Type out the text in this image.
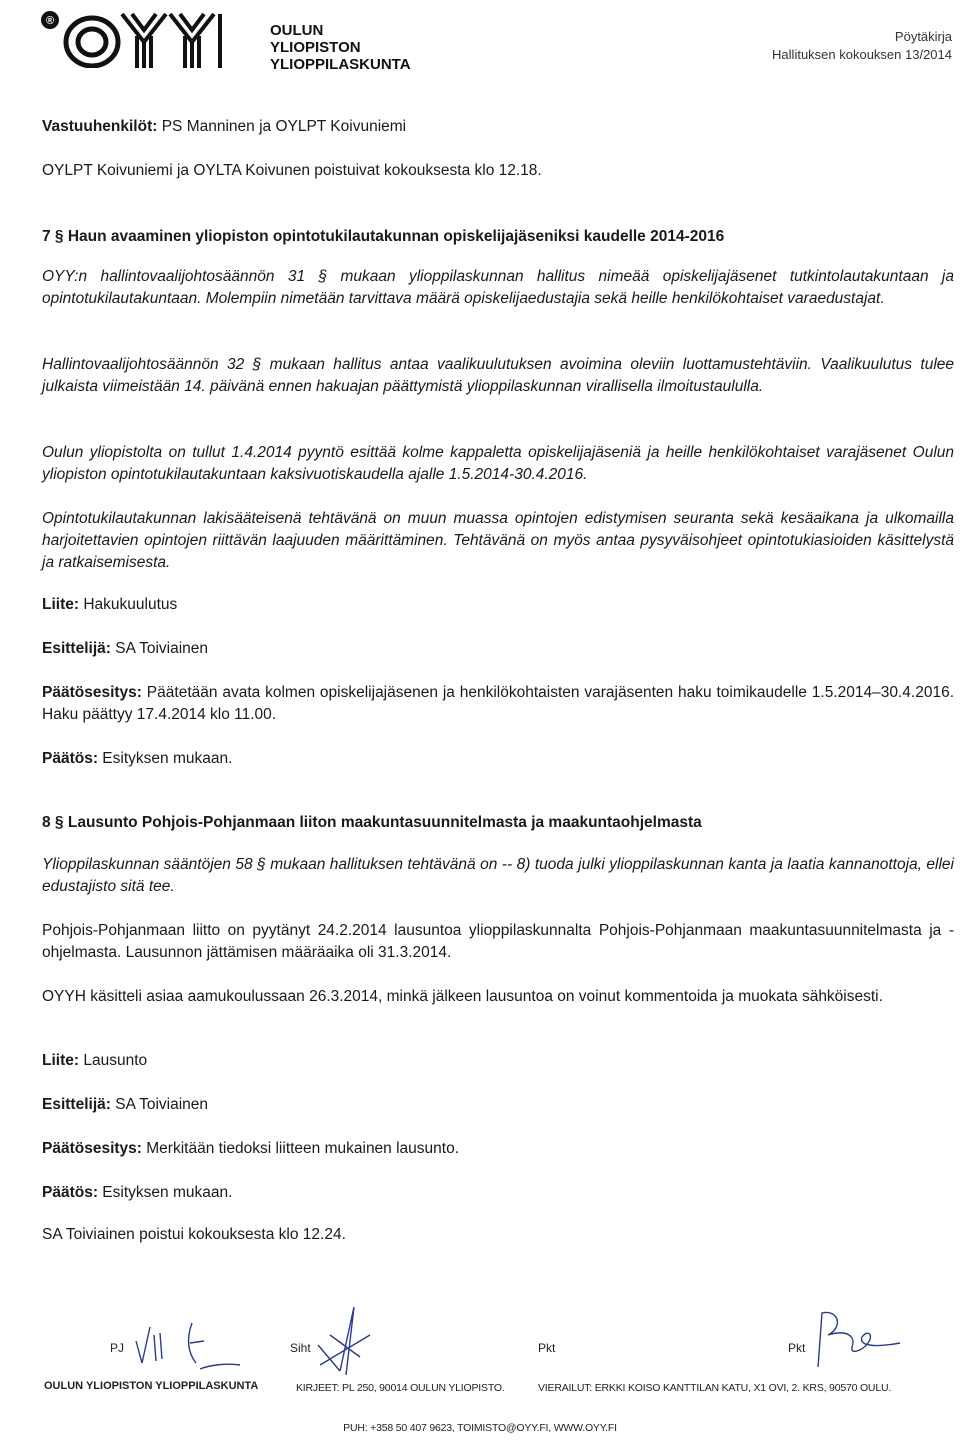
®
OULUN
YLIOPISTON
YLIOPPILASKUNTA
Pöytäkirja
Hallituksen kokouksen 13/2014

Vastuuhenkilöt: PS Manninen ja OYLPT Koivuniemi

OYLPT Koivuniemi ja OYLTA Koivunen poistuivat kokouksesta klo 12.18.

7 § Haun avaaminen yliopiston opintotukilautakunnan opiskelijajäseniksi kaudelle 2014-2016

OYY:n hallintovaalijohtosäännön 31 § mukaan ylioppilaskunnan hallitus nimeää opiskelijajäsenet tutkintolautakuntaan ja opintotukilautakuntaan. Molempiin nimetään tarvittava määrä opiskelijaedustajia sekä heille henkilökohtaiset varaedustajat.

Hallintovaalijohtosäännön 32 § mukaan hallitus antaa vaalikuulutuksen avoimina oleviin luottamustehtäviin. Vaalikuulutus tulee julkaista viimeistään 14. päivänä ennen hakuajan päättymistä ylioppilaskunnan virallisella ilmoitustaululla.

Oulun yliopistolta on tullut 1.4.2014 pyyntö esittää kolme kappaletta opiskelijajäseniä ja heille henkilökohtaiset varajäsenet Oulun yliopiston opintotukilautakuntaan kaksivuotiskaudella ajalle 1.5.2014-30.4.2016.

Opintotukilautakunnan lakisääteisenä tehtävänä on muun muassa opintojen edistymisen seuranta sekä kesäaikana ja ulkomailla harjoitettavien opintojen riittävän laajuuden määrittäminen. Tehtävänä on myös antaa pysyväisohjeet opintotukiasioiden käsittelystä ja ratkaisemisesta.

Liite: Hakukuulutus

Esittelijä: SA Toiviainen

Päätösesitys: Päätetään avata kolmen opiskelijajäsenen ja henkilökohtaisten varajäsenten haku toimikaudelle 1.5.2014–30.4.2016. Haku päättyy 17.4.2014 klo 11.00.

Päätös: Esityksen mukaan.

8 § Lausunto Pohjois-Pohjanmaan liiton maakuntasuunnitelmasta ja maakuntaohjelmasta

Ylioppilaskunnan sääntöjen 58 § mukaan hallituksen tehtävänä on -- 8) tuoda julki ylioppilaskunnan kanta ja laatia kannanottoja, ellei edustajisto sitä tee.

Pohjois-Pohjanmaan liitto on pyytänyt 24.2.2014 lausuntoa ylioppilaskunnalta Pohjois-Pohjanmaan maakuntasuunnitelmasta ja -ohjelmasta. Lausunnon jättämisen määräaika oli 31.3.2014.

OYYH käsitteli asiaa aamukoulussaan 26.3.2014, minkä jälkeen lausuntoa on voinut kommentoida ja muokata sähköisesti.

Liite: Lausunto

Esittelijä: SA Toiviainen

Päätösesitys: Merkitään tiedoksi liitteen mukainen lausunto.

Päätös: Esityksen mukaan.

SA Toiviainen poistui kokouksesta klo 12.24.

PJ	Siht	Pkt	Pkt
OULUN YLIOPISTON YLIOPPILASKUNTA	KIRJEET: PL 250, 90014 OULUN YLIOPISTO.	VIERAILUT: ERKKI KOISO KANTTILAN KATU, X1 OVI, 2. KRS, 90570 OULU.
PUH: +358 50 407 9623, TOIMISTO@OYY.FI, WWW.OYY.FI
